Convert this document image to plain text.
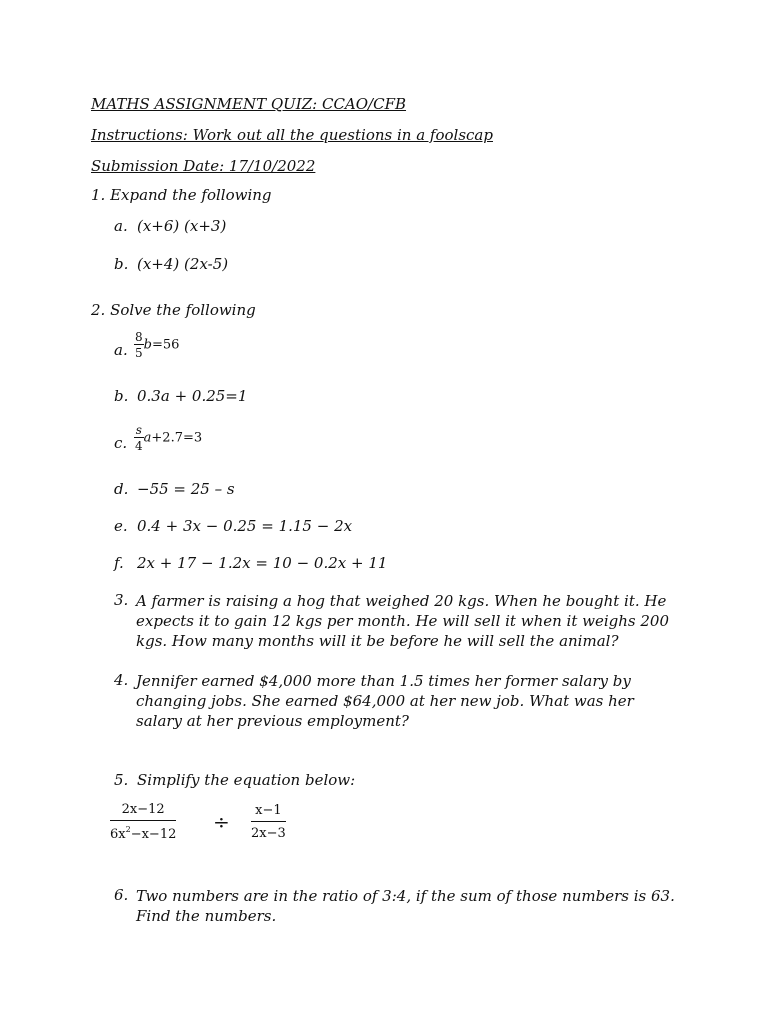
MATHS ASSIGNMENT QUIZ: CCAO/CFB
Instructions: Work out all the questions in a foolscap
Submission Date: 17/10/2022
1. Expand the following
a. (x+6) (x+3)
b. (x+4) (2x-5)
2. Solve the following
a. $\frac{8}{5} b=56$
b. 0.3a + 0.25=1
c. $\frac{s}{4} a+2.7=3$
d. −55 = 25 – s
e. 0.4 + 3x − 0.25 = 1.15 − 2x
f. 2x + 17 − 1.2x = 10 − 0.2x + 11
3. A farmer is raising a hog that weighed 20 kgs. When he bought it. He expects it to gain 12 kgs per month. He will sell it when it weighs 200 kgs. How many months will it be before he will sell the animal?
4. Jennifer earned $4,000 more than 1.5 times her former salary by changing jobs. She earned $64,000 at her new job. What was her salary at her previous employment?
5. Simplify the equation below:
$\frac{2x-12}{6x^2-x-12} \div \frac{x-1}{2x-3}$
6. Two numbers are in the ratio of 3:4, if the sum of those numbers is 63. Find the numbers.
